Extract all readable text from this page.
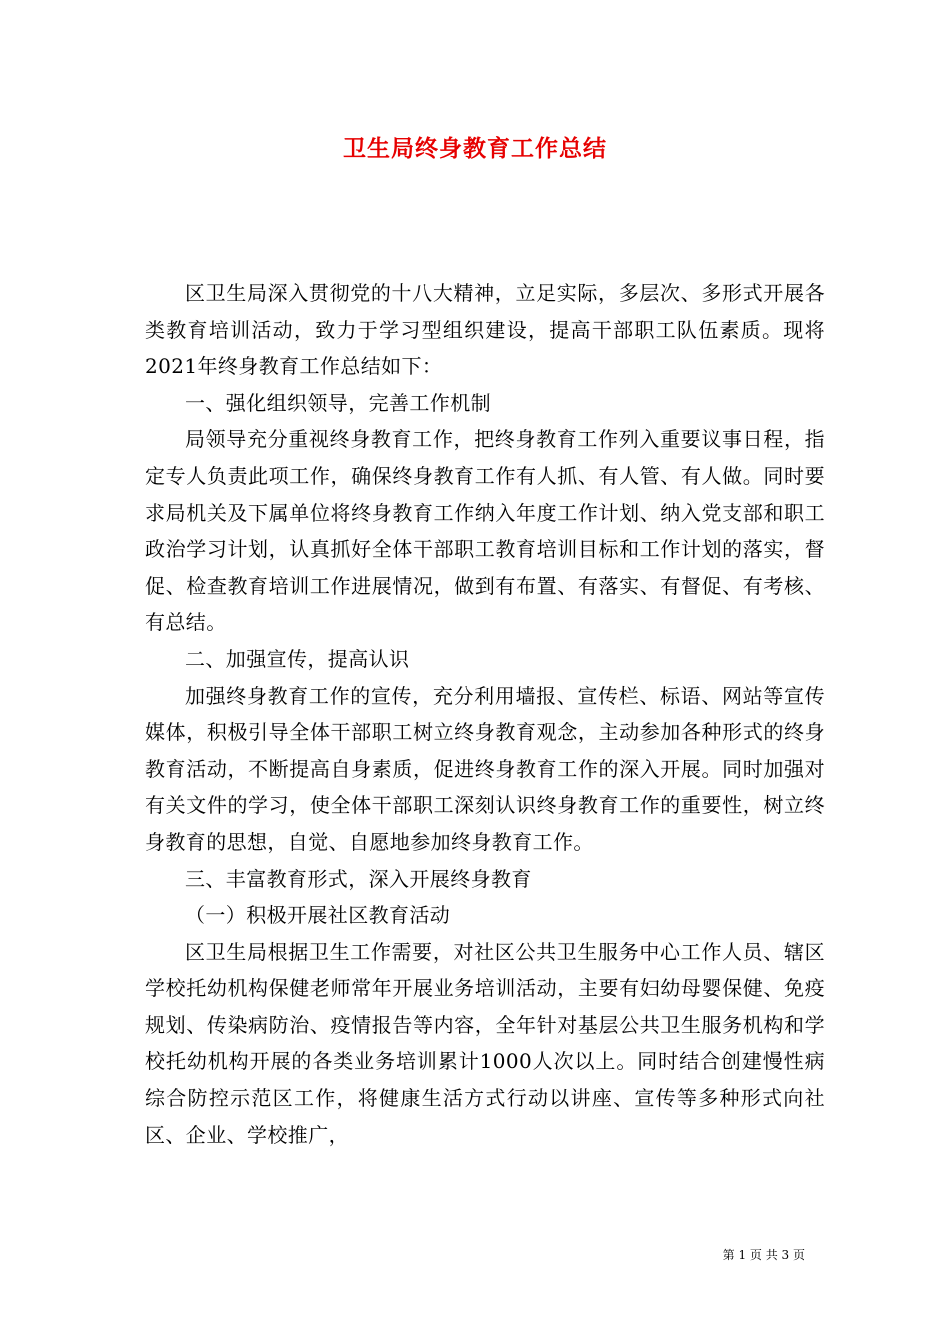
卫生局终身教育工作总结

区卫生局深入贯彻党的十八大精神，立足实际，多层次、多形式开展各类教育培训活动，致力于学习型组织建设，提高干部职工队伍素质。现将2021年终身教育工作总结如下：

一、强化组织领导，完善工作机制

局领导充分重视终身教育工作，把终身教育工作列入重要议事日程，指定专人负责此项工作，确保终身教育工作有人抓、有人管、有人做。同时要求局机关及下属单位将终身教育工作纳入年度工作计划、纳入党支部和职工政治学习计划，认真抓好全体干部职工教育培训目标和工作计划的落实，督促、检查教育培训工作进展情况，做到有布置、有落实、有督促、有考核、有总结。

二、加强宣传，提高认识

加强终身教育工作的宣传，充分利用墙报、宣传栏、标语、网站等宣传媒体，积极引导全体干部职工树立终身教育观念，主动参加各种形式的终身教育活动，不断提高自身素质，促进终身教育工作的深入开展。同时加强对有关文件的学习，使全体干部职工深刻认识终身教育工作的重要性，树立终身教育的思想，自觉、自愿地参加终身教育工作。

三、丰富教育形式，深入开展终身教育

（一）积极开展社区教育活动

区卫生局根据卫生工作需要，对社区公共卫生服务中心工作人员、辖区学校托幼机构保健老师常年开展业务培训活动，主要有妇幼母婴保健、免疫规划、传染病防治、疫情报告等内容，全年针对基层公共卫生服务机构和学校托幼机构开展的各类业务培训累计1000人次以上。同时结合创建慢性病综合防控示范区工作，将健康生活方式行动以讲座、宣传等多种形式向社区、企业、学校推广，

第 1 页 共 3 页
